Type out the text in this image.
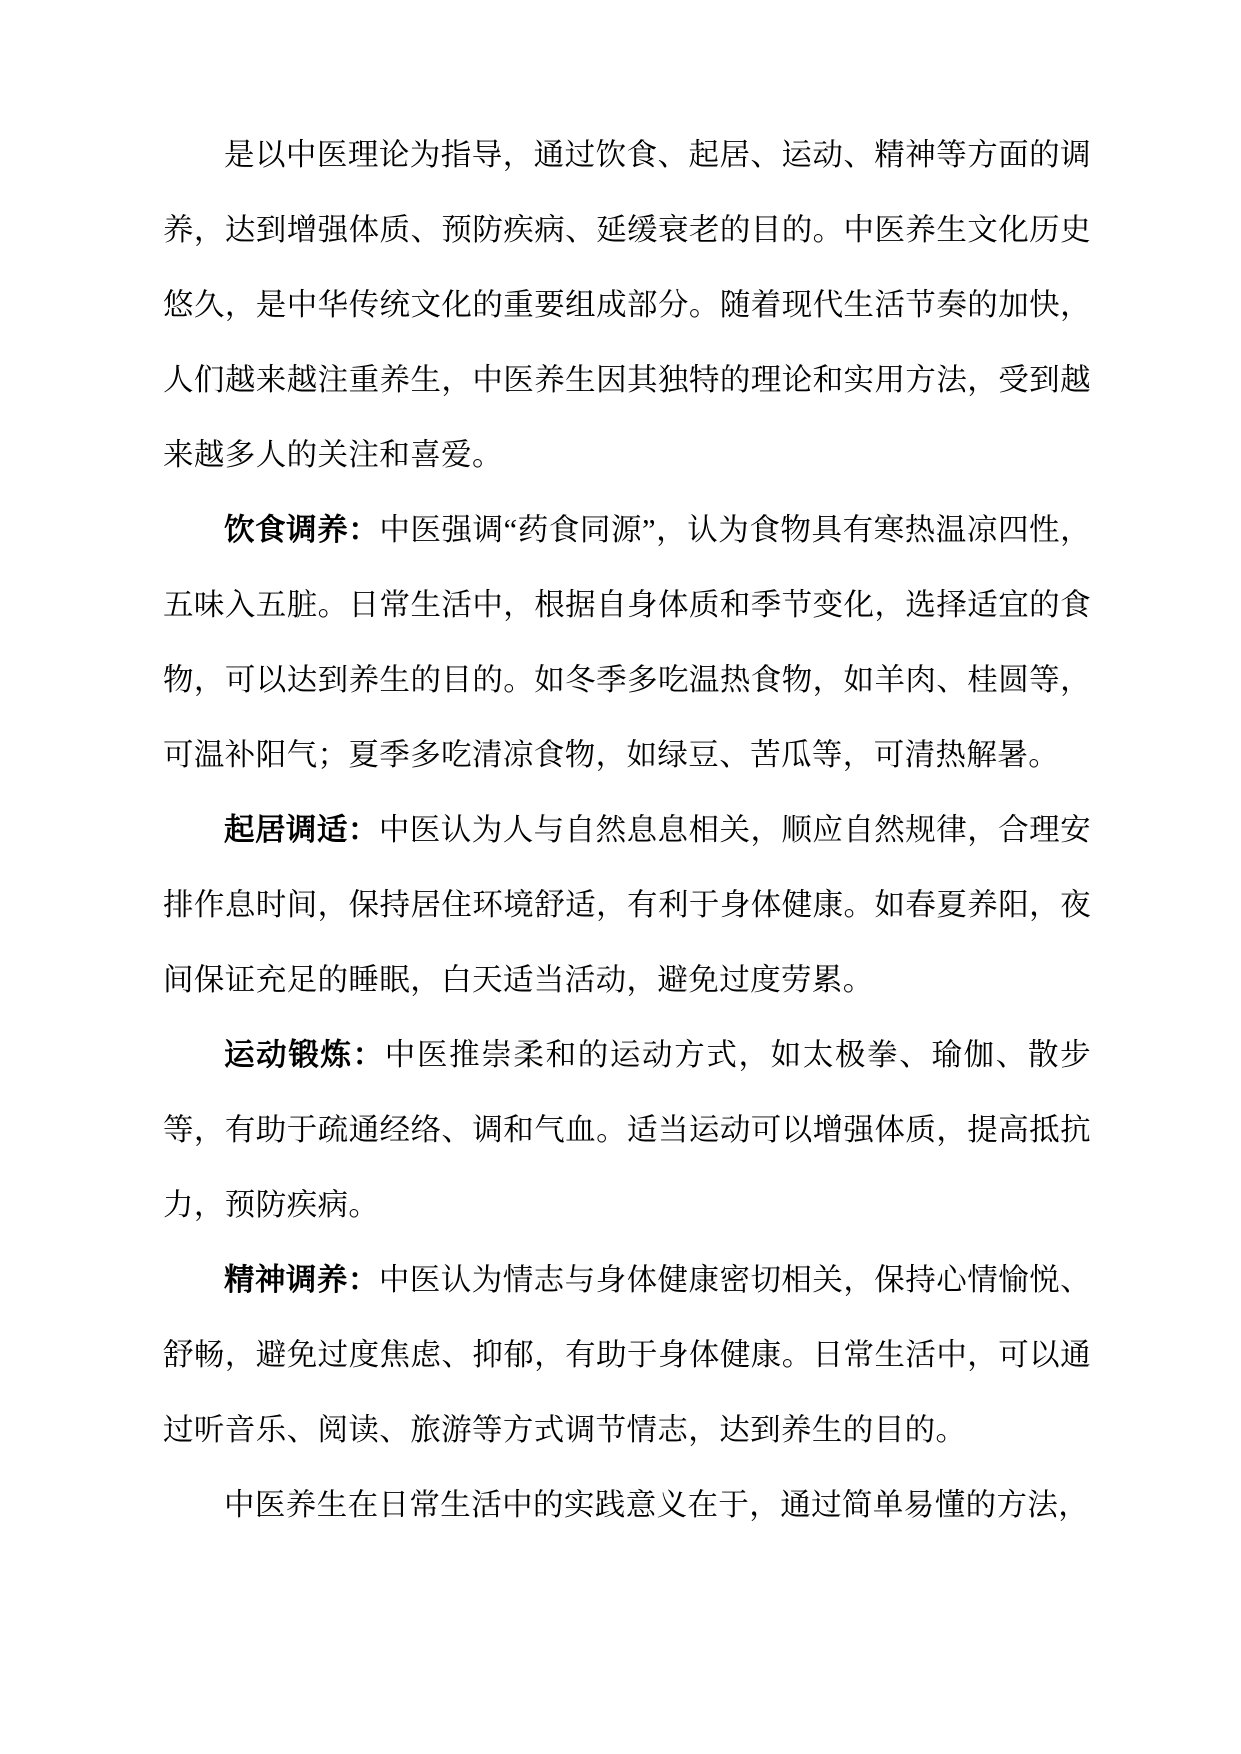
是以中医理论为指导，通过饮食、起居、运动、精神等方面的调养，达到增强体质、预防疾病、延缓衰老的目的。中医养生文化历史悠久，是中华传统文化的重要组成部分。随着现代生活节奏的加快，人们越来越注重养生，中医养生因其独特的理论和实用方法，受到越来越多人的关注和喜爱。

饮食调养：中医强调“药食同源”，认为食物具有寒热温凉四性，五味入五脏。日常生活中，根据自身体质和季节变化，选择适宜的食物，可以达到养生的目的。如冬季多吃温热食物，如羊肉、桂圆等，可温补阳气；夏季多吃清凉食物，如绿豆、苦瓜等，可清热解暑。

起居调适：中医认为人与自然息息相关，顺应自然规律，合理安排作息时间，保持居住环境舒适，有利于身体健康。如春夏养阳，夜间保证充足的睡眠，白天适当活动，避免过度劳累。

运动锻炼：中医推崇柔和的运动方式，如太极拳、瑜伽、散步等，有助于疏通经络、调和气血。适当运动可以增强体质，提高抵抗力，预防疾病。

精神调养：中医认为情志与身体健康密切相关，保持心情愉悦、舒畅，避免过度焦虑、抑郁，有助于身体健康。日常生活中，可以通过听音乐、阅读、旅游等方式调节情志，达到养生的目的。

中医养生在日常生活中的实践意义在于，通过简单易懂的方法，
